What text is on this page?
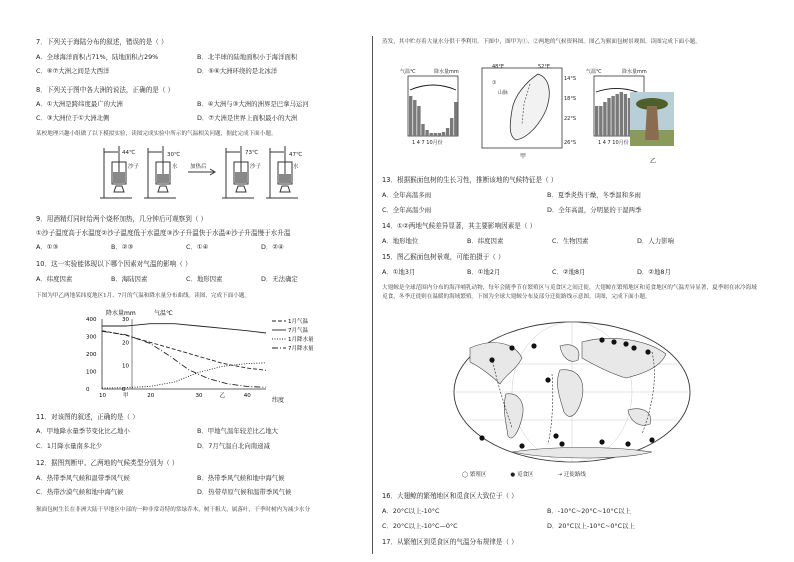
7．下列关于海陆分布的叙述，错误的是（ ）
A．全球海洋面积占71%，陆地面积占29%	B．北半球的陆地面积小于海洋面积
C．⑥⑦大洲之间是大西洋	D．⑤⑥大洲环绕的是北冰洋
8．下列关于图中各大洲的说法，正确的是（ ）
A．①大洲是跨纬度最广的大洲	B．④大洲与③大洲的洲界是巴拿马运河
C．③大洲位于①大洲北侧	D．⑦大洲是世界上面积最小的大洲
某校地理兴趣小组做了以下模拟实验，读图完成实验中所示的气温相关问题，据此完成下面小题。
44℃
沙子
30℃
水 加热后
73℃
沙子
47℃
水
9．用酒精灯同时给两个烧杯加热，几分钟后可观察到（ ）
①沙子温度高于水温度②沙子温度低于水温度③沙子升温快于水温④沙子升温慢于水升温
A．①③	B．②③	C．①④	D．②④
10．这一实验能体现以下哪个因素对气温的影响（ ）
A．纬度因素	B．海陆因素	C．地形因素	D．无法确定
下图为甲乙两地某纬度地区1月、7月的气温和降水量分布曲线。读图，完成下面小题。
降水量mm	气温℃
纬度
0
100
200
300
400
0
10
20
30
10	甲	20	30	乙	40
1月气温
7月气温
1月降水量
7月降水量
11．对该图的叙述，正确的是（ ）
A．甲地降水量季节变化比乙地小	B．甲地气温年较差比乙地大
C．1月降水量南多北少	D．7月气温自北向南递减
12．据图判断甲、乙两地的气候类型分别为（ ）
A．热带季风气候和温带季风气候	B．热带季风气候和地中海气候
C．热带沙漠气候和地中海气候	D．热带草原气候和温带季风气候
猴面包树生长在非洲大陆干旱地区中部的一种非常奇特的常绿乔木，树干粗大，属落叶，干季时树内为减少水分
蒸发，其中贮存着大量水分供干季利用。下图中，图甲为①、②两地的气候资料图。图乙为猴面包树景观图。读图完成下面小题。
气温℃	降水量mm
1 4 7 10月份
气温℃	降水量mm
1 4 7 10月份
48°E	52°E
14°S
18°S
22°S
26°S
①
山脉
甲
乙
13．根据猴面包树的生长习性，推断该地的气候特征是（ ）
A．全年高温多雨	B．夏季炎热干燥，冬季温和多雨
C．全年高温少雨	D．全年高温，分明显的干湿两季
14．①②两地气候差异显著，其主要影响因素是（ ）
A．地形地位	B．纬度因素	C．生物因素	D．人力影响
15．图乙猴面包树景观，可能拍摄于（ ）
A．①地3月	B．①地2月	C．②地8月	D．②地8月
大翅鲸是全球范围内分布的海洋哺乳动物，每年会随季节在繁殖区与觅食区之间迁徙，大翅鲸在繁殖地区和觅食地区的气温差异显著，夏季则在冰冷海域觅食，冬季迁徙则在温暖的海域繁殖。下图为全球大翅鲸分布及部分迁徙路线示意图。读图，完成下面小题。
◯ 繁殖区	● 觅食区	⇢ 迁徙路线
16．大翅鲸的繁殖地区和觅食区大致位于（ ）
A．20°C以上-10°C	B．-10°C~20°C~10°C以上
C．20°C以上-10°C—0°C	D．20°C以上-10°C~0°C以上
17．从繁殖区到觅食区的气温分布规律是（ ）
